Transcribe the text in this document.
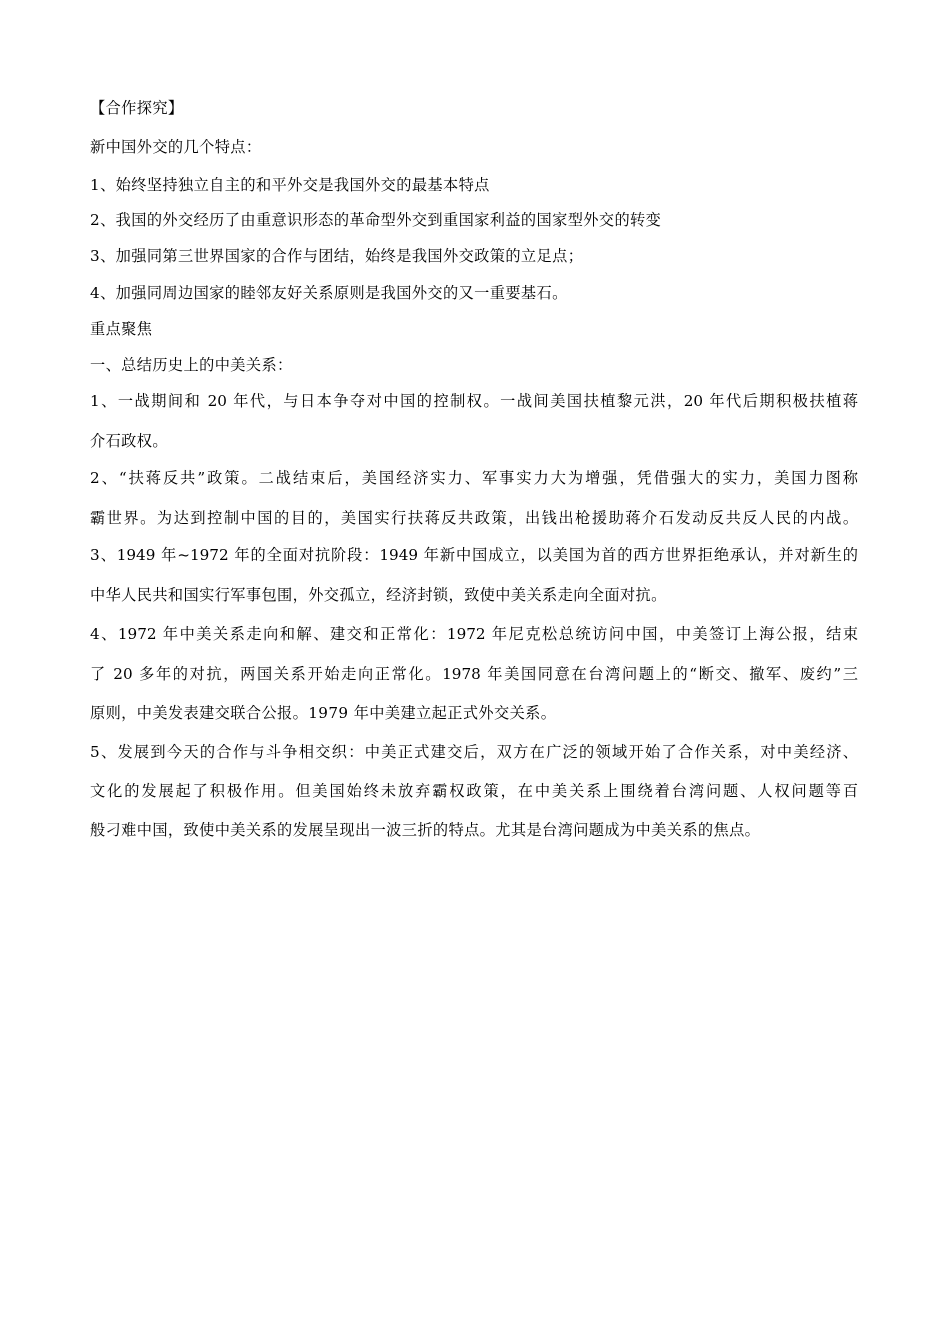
【合作探究】
新中国外交的几个特点：
1、始终坚持独立自主的和平外交是我国外交的最基本特点
2、我国的外交经历了由重意识形态的革命型外交到重国家利益的国家型外交的转变
3、加强同第三世界国家的合作与团结，始终是我国外交政策的立足点；
4、加强同周边国家的睦邻友好关系原则是我国外交的又一重要基石。
重点聚焦
一、总结历史上的中美关系：
1、一战期间和 20 年代，与日本争夺对中国的控制权。一战间美国扶植黎元洪，20 年代后期积极扶植蒋
介石政权。
2、“扶蒋反共”政策。二战结束后，美国经济实力、军事实力大为增强，凭借强大的实力，美国力图称
霸世界。为达到控制中国的目的，美国实行扶蒋反共政策，出钱出枪援助蒋介石发动反共反人民的内战。
3、1949 年~1972 年的全面对抗阶段：1949 年新中国成立，以美国为首的西方世界拒绝承认，并对新生的
中华人民共和国实行军事包围，外交孤立，经济封锁，致使中美关系走向全面对抗。
4、1972 年中美关系走向和解、建交和正常化：1972 年尼克松总统访问中国，中美签订上海公报，结束
了 20 多年的对抗，两国关系开始走向正常化。1978 年美国同意在台湾问题上的“断交、撤军、废约”三
原则，中美发表建交联合公报。1979 年中美建立起正式外交关系。
5、发展到今天的合作与斗争相交织：中美正式建交后，双方在广泛的领域开始了合作关系，对中美经济、
文化的发展起了积极作用。但美国始终未放弃霸权政策，在中美关系上围绕着台湾问题、人权问题等百
般刁难中国，致使中美关系的发展呈现出一波三折的特点。尤其是台湾问题成为中美关系的焦点。
